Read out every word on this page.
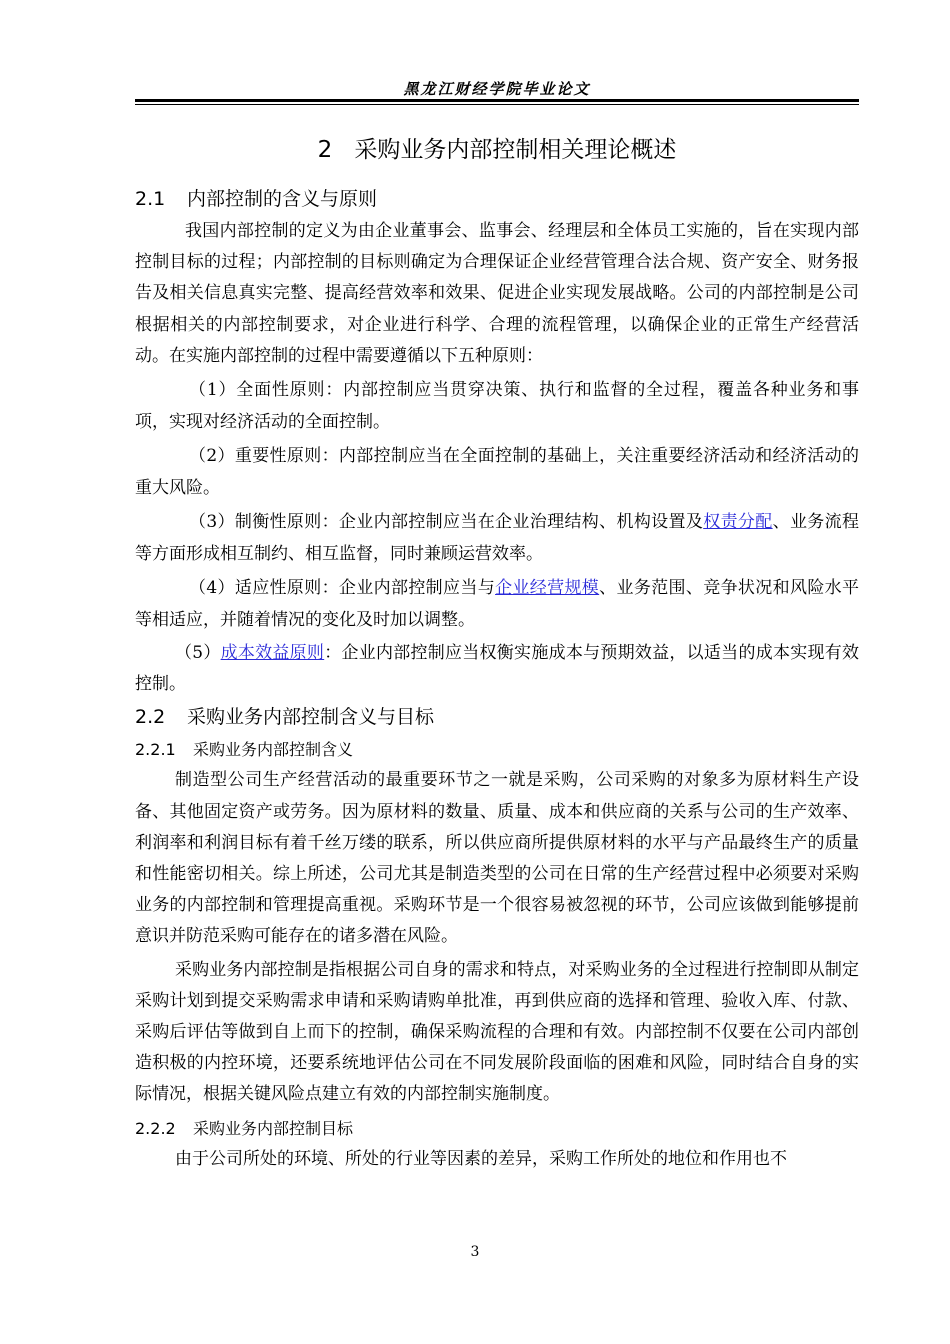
黑龙江财经学院毕业论文
2 采购业务内部控制相关理论概述
2.1 内部控制的含义与原则

我国内部控制的定义为由企业董事会、监事会、经理层和全体员工实施的，旨在实现内部控制目标的过程；内部控制的目标则确定为合理保证企业经营管理合法合规、资产安全、财务报告及相关信息真实完整、提高经营效率和效果、促进企业实现发展战略。公司的内部控制是公司根据相关的内部控制要求，对企业进行科学、合理的流程管理，以确保企业的正常生产经营活动。在实施内部控制的过程中需要遵循以下五种原则：

（1）全面性原则：内部控制应当贯穿决策、执行和监督的全过程，覆盖各种业务和事项，实现对经济活动的全面控制。

（2）重要性原则：内部控制应当在全面控制的基础上，关注重要经济活动和经济活动的重大风险。

（3）制衡性原则：企业内部控制应当在企业治理结构、机构设置及权责分配、业务流程等方面形成相互制约、相互监督，同时兼顾运营效率。

（4）适应性原则：企业内部控制应当与企业经营规模、业务范围、竞争状况和风险水平等相适应，并随着情况的变化及时加以调整。

（5）成本效益原则：企业内部控制应当权衡实施成本与预期效益，以适当的成本实现有效控制。

2.2 采购业务内部控制含义与目标
2.2.1 采购业务内部控制含义

制造型公司生产经营活动的最重要环节之一就是采购，公司采购的对象多为原材料生产设备、其他固定资产或劳务。因为原材料的数量、质量、成本和供应商的关系与公司的生产效率、利润率和利润目标有着千丝万缕的联系，所以供应商所提供原材料的水平与产品最终生产的质量和性能密切相关。综上所述，公司尤其是制造类型的公司在日常的生产经营过程中必须要对采购业务的内部控制和管理提高重视。采购环节是一个很容易被忽视的环节，公司应该做到能够提前意识并防范采购可能存在的诸多潜在风险。

采购业务内部控制是指根据公司自身的需求和特点，对采购业务的全过程进行控制即从制定采购计划到提交采购需求申请和采购请购单批准，再到供应商的选择和管理、验收入库、付款、采购后评估等做到自上而下的控制，确保采购流程的合理和有效。内部控制不仅要在公司内部创造积极的内控环境，还要系统地评估公司在不同发展阶段面临的困难和风险，同时结合自身的实际情况，根据关键风险点建立有效的内部控制实施制度。

2.2.2 采购业务内部控制目标

由于公司所处的环境、所处的行业等因素的差异，采购工作所处的地位和作用也不

3
